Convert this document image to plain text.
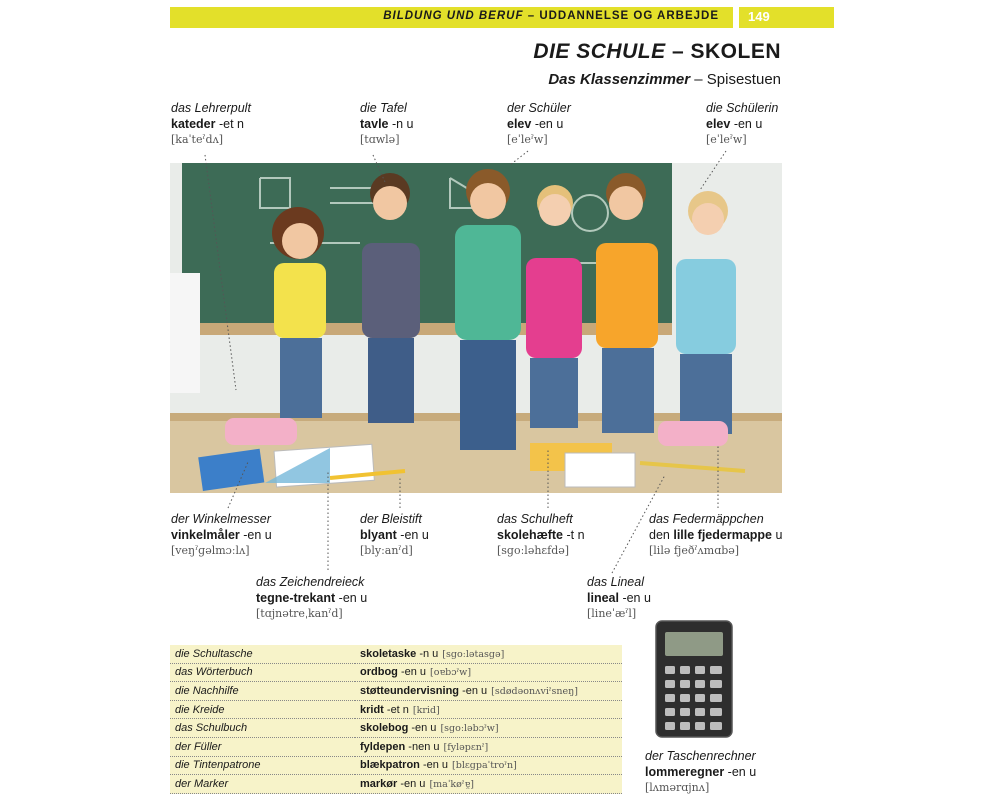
BILDUNG UND BERUF – UDDANNELSE OG ARBEJDE 149
DIE SCHULE – SKOLEN
Das Klassenzimmer – Spisestuen
das Lehrerpult
kateder -et n
[kaˈteˀdʌ]
die Tafel
tavle -n u
[tɑwlə]
der Schüler
elev -en u
[eˈleˀw]
die Schülerin
elev -en u
[eˈleˀw]
der Winkelmesser
vinkelmåler -en u
[veŋˀɡəlmɔːlʌ]
der Bleistift
blyant -en u
[blyːanˀd]
das Schulheft
skolehæfte -t n
[sgoːləhɛfdə]
das Federmäppchen
den lille fjedermappe u
[lilə fjeðˀʌmɑbə]
das Zeichendreieck
tegne-trekant -en u
[tɑjnətreˌkanˀd]
das Lineal
lineal -en u
[lineˈæˀl]
die Schultasche	skoletaske -n u [sgoːlətasgə]
das Wörterbuch	ordbog -en u [oɐbɔˀw]
die Nachhilfe	støtteundervisning -en u [sdødəonʌviˀsneŋ]
die Kreide	kridt -et n [krid]
das Schulbuch	skolebog -en u [sgoːləbɔˀw]
der Füller	fyldepen -nen u [fyləpɛnˀ]
die Tintenpatrone	blækpatron -en u [blɛgpaˈtroˀn]
der Marker	markør -en u [maˈkøˀɐ̯]
der Taschenrechner
lommeregner -en u
[lʌmərɑjnʌ]
